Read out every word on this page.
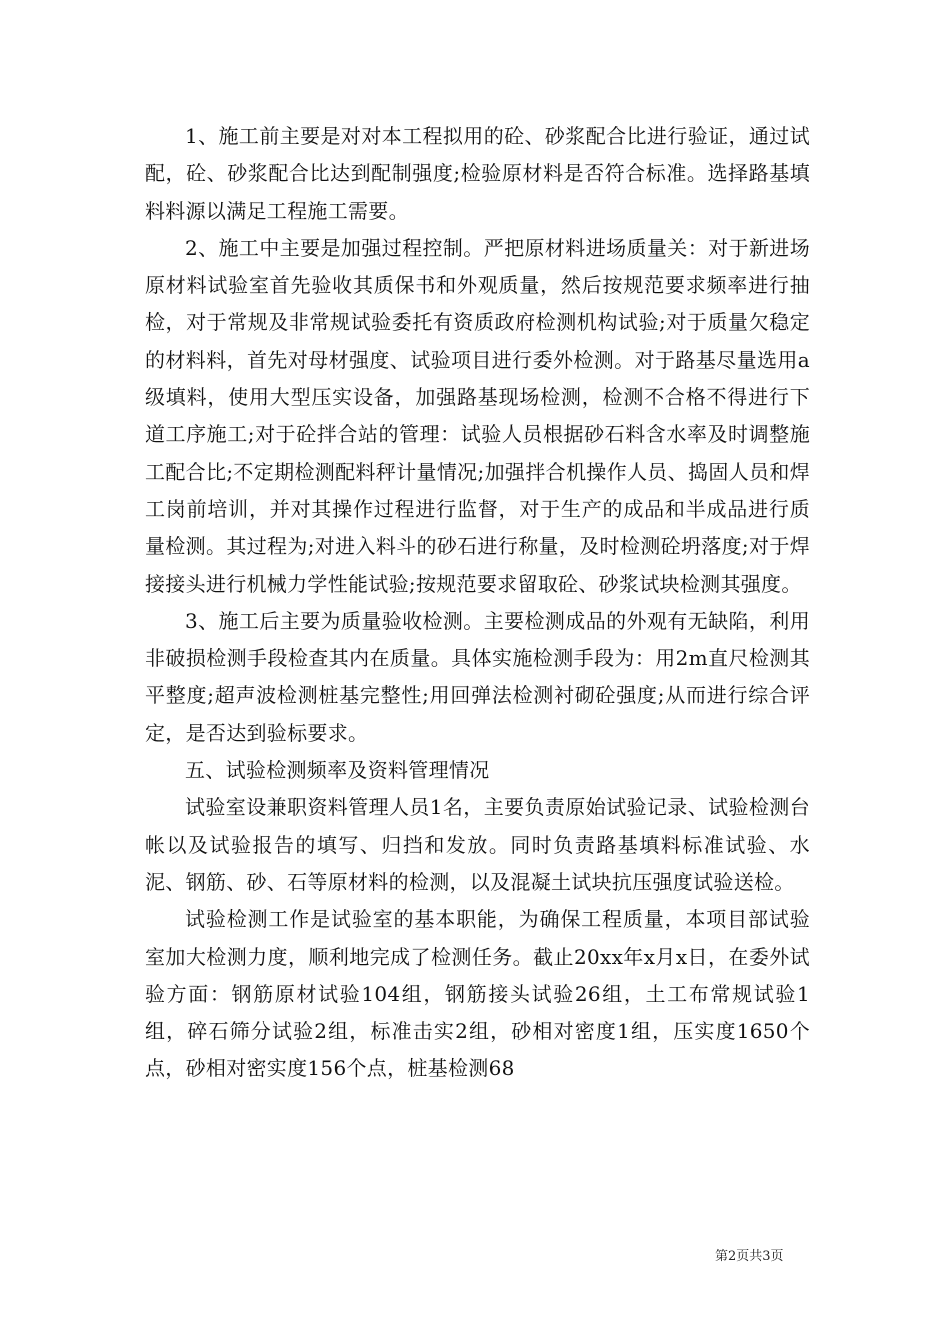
1、施工前主要是对对本工程拟用的砼、砂浆配合比进行验证，通过试配，砼、砂浆配合比达到配制强度;检验原材料是否符合标准。选择路基填料料源以满足工程施工需要。

2、施工中主要是加强过程控制。严把原材料进场质量关：对于新进场原材料试验室首先验收其质保书和外观质量，然后按规范要求频率进行抽检，对于常规及非常规试验委托有资质政府检测机构试验;对于质量欠稳定的材料料，首先对母材强度、试验项目进行委外检测。对于路基尽量选用a级填料，使用大型压实设备，加强路基现场检测，检测不合格不得进行下道工序施工;对于砼拌合站的管理：试验人员根据砂石料含水率及时调整施工配合比;不定期检测配料秤计量情况;加强拌合机操作人员、捣固人员和焊工岗前培训，并对其操作过程进行监督，对于生产的成品和半成品进行质量检测。其过程为;对进入料斗的砂石进行称量，及时检测砼坍落度;对于焊接接头进行机械力学性能试验;按规范要求留取砼、砂浆试块检测其强度。

3、施工后主要为质量验收检测。主要检测成品的外观有无缺陷，利用非破损检测手段检查其内在质量。具体实施检测手段为：用2m直尺检测其平整度;超声波检测桩基完整性;用回弹法检测衬砌砼强度;从而进行综合评定，是否达到验标要求。

五、试验检测频率及资料管理情况

试验室设兼职资料管理人员1名，主要负责原始试验记录、试验检测台帐以及试验报告的填写、归挡和发放。同时负责路基填料标准试验、水泥、钢筋、砂、石等原材料的检测，以及混凝土试块抗压强度试验送检。

试验检测工作是试验室的基本职能，为确保工程质量，本项目部试验室加大检测力度，顺利地完成了检测任务。截止20xx年x月x日，在委外试验方面：钢筋原材试验104组，钢筋接头试验26组，土工布常规试验1组，碎石筛分试验2组，标准击实2组，砂相对密度1组，压实度1650个点，砂相对密实度156个点，桩基检测68

第2页共3页
